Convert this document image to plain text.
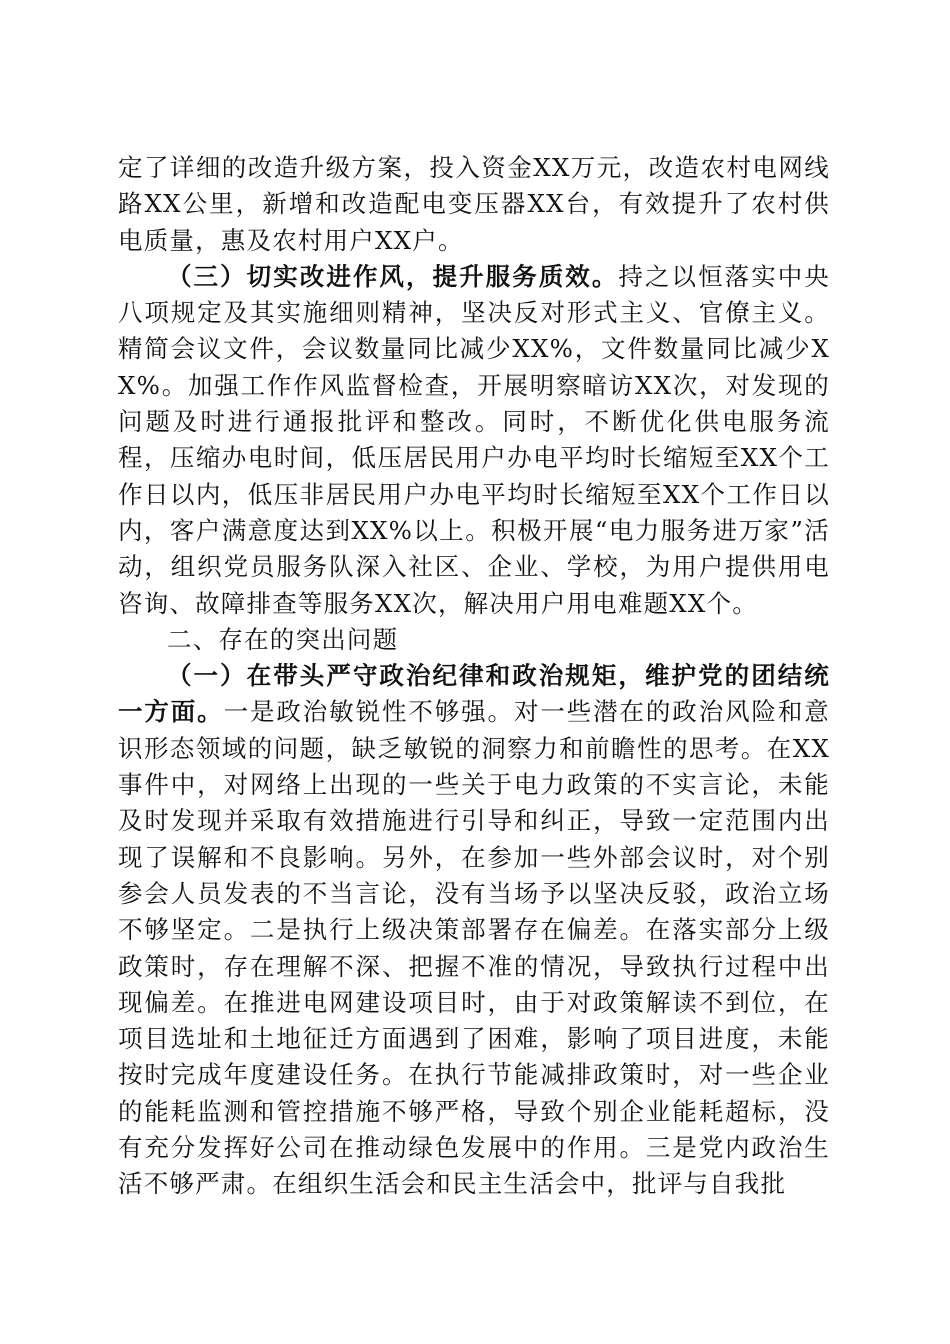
定了详细的改造升级方案，投入资金XX万元，改造农村电网线路XX公里，新增和改造配电变压器XX台，有效提升了农村供电质量，惠及农村用户XX户。

（三）切实改进作风，提升服务质效。持之以恒落实中央八项规定及其实施细则精神，坚决反对形式主义、官僚主义。精简会议文件，会议数量同比减少XX%，文件数量同比减少XX%。加强工作作风监督检查，开展明察暗访XX次，对发现的问题及时进行通报批评和整改。同时，不断优化供电服务流程，压缩办电时间，低压居民用户办电平均时长缩短至XX个工作日以内，低压非居民用户办电平均时长缩短至XX个工作日以内，客户满意度达到XX%以上。积极开展“电力服务进万家”活动，组织党员服务队深入社区、企业、学校，为用户提供用电咨询、故障排查等服务XX次，解决用户用电难题XX个。

二、存在的突出问题

（一）在带头严守政治纪律和政治规矩，维护党的团结统一方面。一是政治敏锐性不够强。对一些潜在的政治风险和意识形态领域的问题，缺乏敏锐的洞察力和前瞻性的思考。在XX事件中，对网络上出现的一些关于电力政策的不实言论，未能及时发现并采取有效措施进行引导和纠正，导致一定范围内出现了误解和不良影响。另外，在参加一些外部会议时，对个别参会人员发表的不当言论，没有当场予以坚决反驳，政治立场不够坚定。二是执行上级决策部署存在偏差。在落实部分上级政策时，存在理解不深、把握不准的情况，导致执行过程中出现偏差。在推进电网建设项目时，由于对政策解读不到位，在项目选址和土地征迁方面遇到了困难，影响了项目进度，未能按时完成年度建设任务。在执行节能减排政策时，对一些企业的能耗监测和管控措施不够严格，导致个别企业能耗超标，没有充分发挥好公司在推动绿色发展中的作用。三是党内政治生活不够严肃。在组织生活会和民主生活会中，批评与自我批
